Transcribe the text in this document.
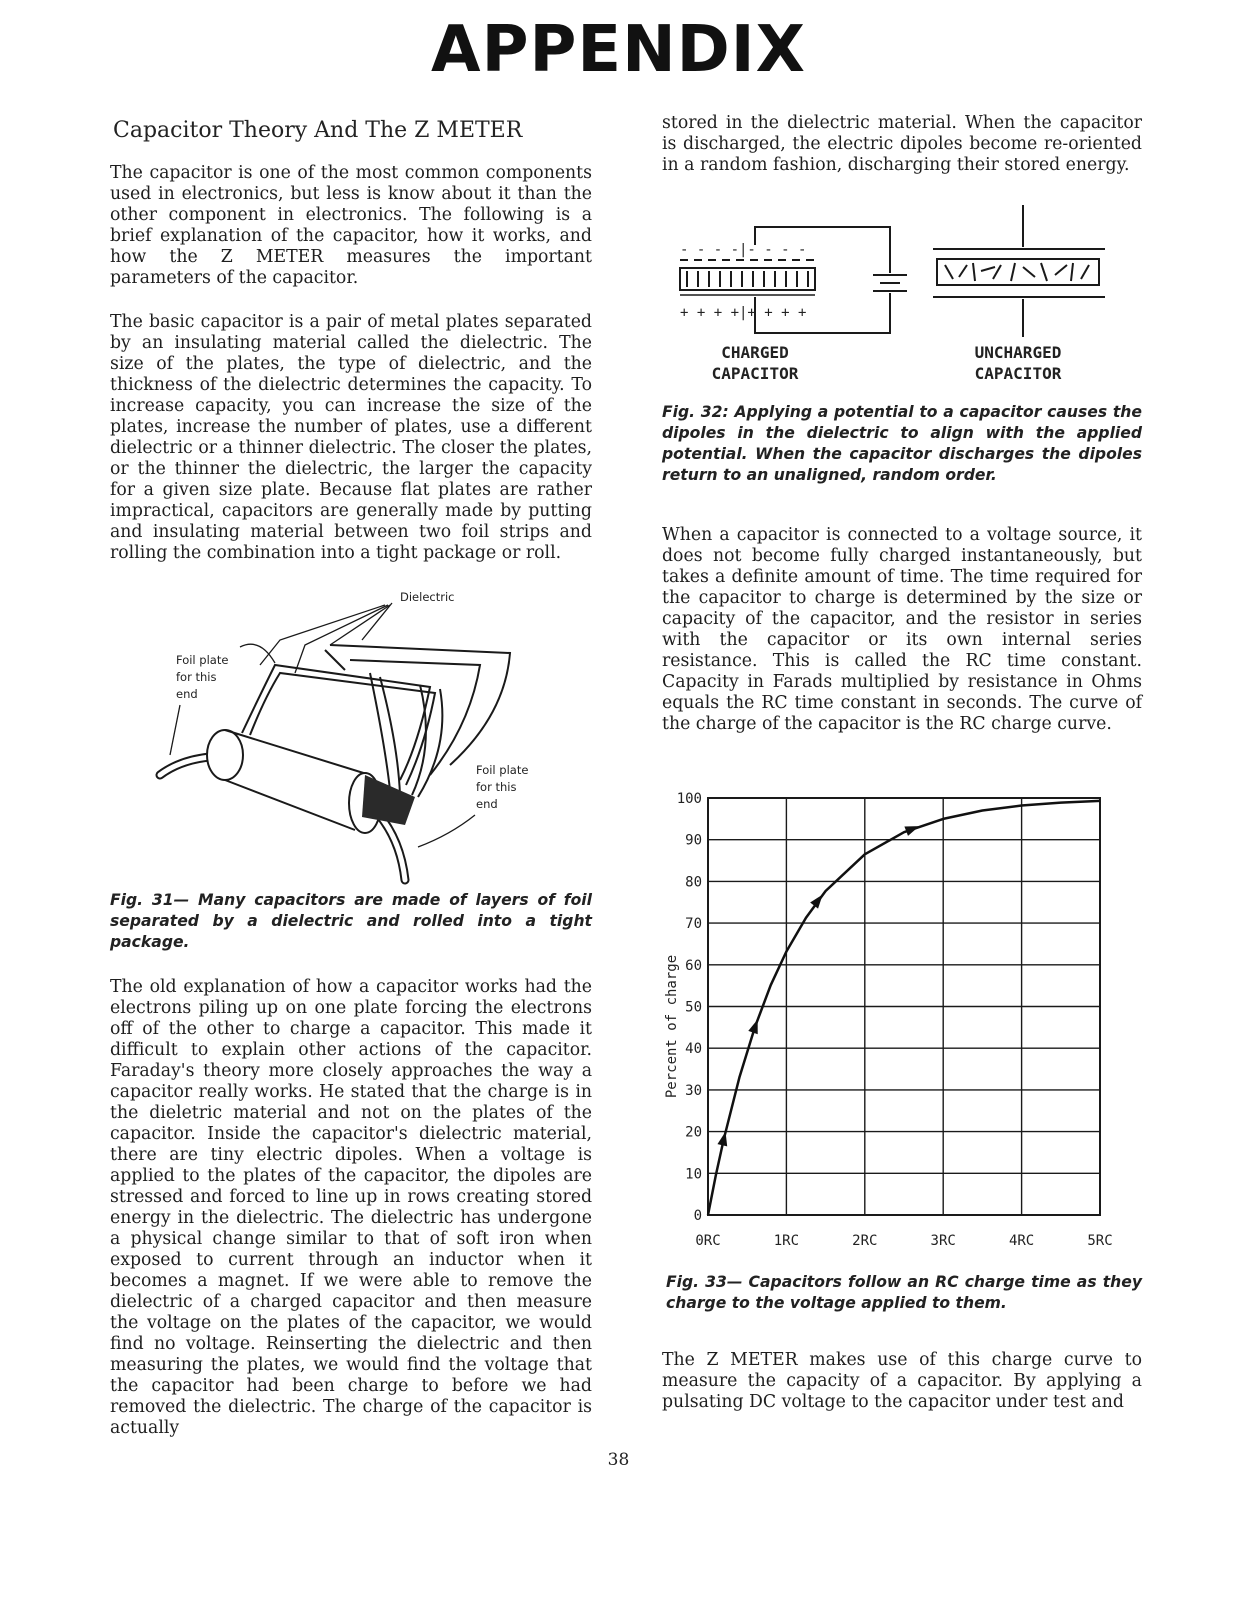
APPENDIX
Capacitor Theory And The Z METER
The capacitor is one of the most common components used in electronics, but less is know about it than the other component in electronics. The following is a brief explanation of the capacitor, how it works, and how the Z METER measures the important parameters of the capacitor.
The basic capacitor is a pair of metal plates separated by an insulating material called the dielectric. The size of the plates, the type of dielectric, and the thickness of the dielectric determines the capacity. To increase capacity, you can increase the size of the plates, increase the number of plates, use a different dielectric or a thinner dielectric. The closer the plates, or the thinner the dielectric, the larger the capacity for a given size plate. Because flat plates are rather impractical, capacitors are generally made by putting and insulating material between two foil strips and rolling the combination into a tight package or roll.
Dielectric
Foil plate
for this
end
Foil plate
for this
end
Fig. 31— Many capacitors are made of layers of foil separated by a dielectric and rolled into a tight package.
The old explanation of how a capacitor works had the electrons piling up on one plate forcing the electrons off of the other to charge a capacitor. This made it difficult to explain other actions of the capacitor. Faraday's theory more closely approaches the way a capacitor really works. He stated that the charge is in the dieletric material and not on the plates of the capacitor. Inside the capacitor's dielectric material, there are tiny electric dipoles. When a voltage is applied to the plates of the capacitor, the dipoles are stressed and forced to line up in rows creating stored energy in the dielectric. The dielectric has undergone a physical change similar to that of soft iron when exposed to current through an inductor when it becomes a magnet. If we were able to remove the dielectric of a charged capacitor and then measure the voltage on the plates of the capacitor, we would find no voltage. Reinserting the dielectric and then measuring the plates, we would find the voltage that the capacitor had been charge to before we had removed the dielectric. The charge of the capacitor is actually
stored in the dielectric material. When the capacitor is discharged, the electric dipoles become re-oriented in a random fashion, discharging their stored energy.
- - - -|- - - -
+ + + +|+ + + +
CHARGED
CAPACITOR
UNCHARGED
CAPACITOR
Fig. 32: Applying a potential to a capacitor causes the dipoles in the dielectric to align with the applied potential. When the capacitor discharges the dipoles return to an unaligned, random order.
When a capacitor is connected to a voltage source, it does not become fully charged instantaneously, but takes a definite amount of time. The time required for the capacitor to charge is determined by the size or capacity of the capacitor, and the resistor in series with the capacitor or its own internal series resistance. This is called the RC time constant. Capacity in Farads multiplied by resistance in Ohms equals the RC time constant in seconds. The curve of the charge of the capacitor is the RC charge curve.
100
90
80
70
60
50
40
30
20
10
0
0RC	1RC	2RC	3RC	4RC	5RC
Percent of charge
Fig. 33— Capacitors follow an RC charge time as they charge to the voltage applied to them.
The Z METER makes use of this charge curve to measure the capacity of a capacitor. By applying a pulsating DC voltage to the capacitor under test and
38
